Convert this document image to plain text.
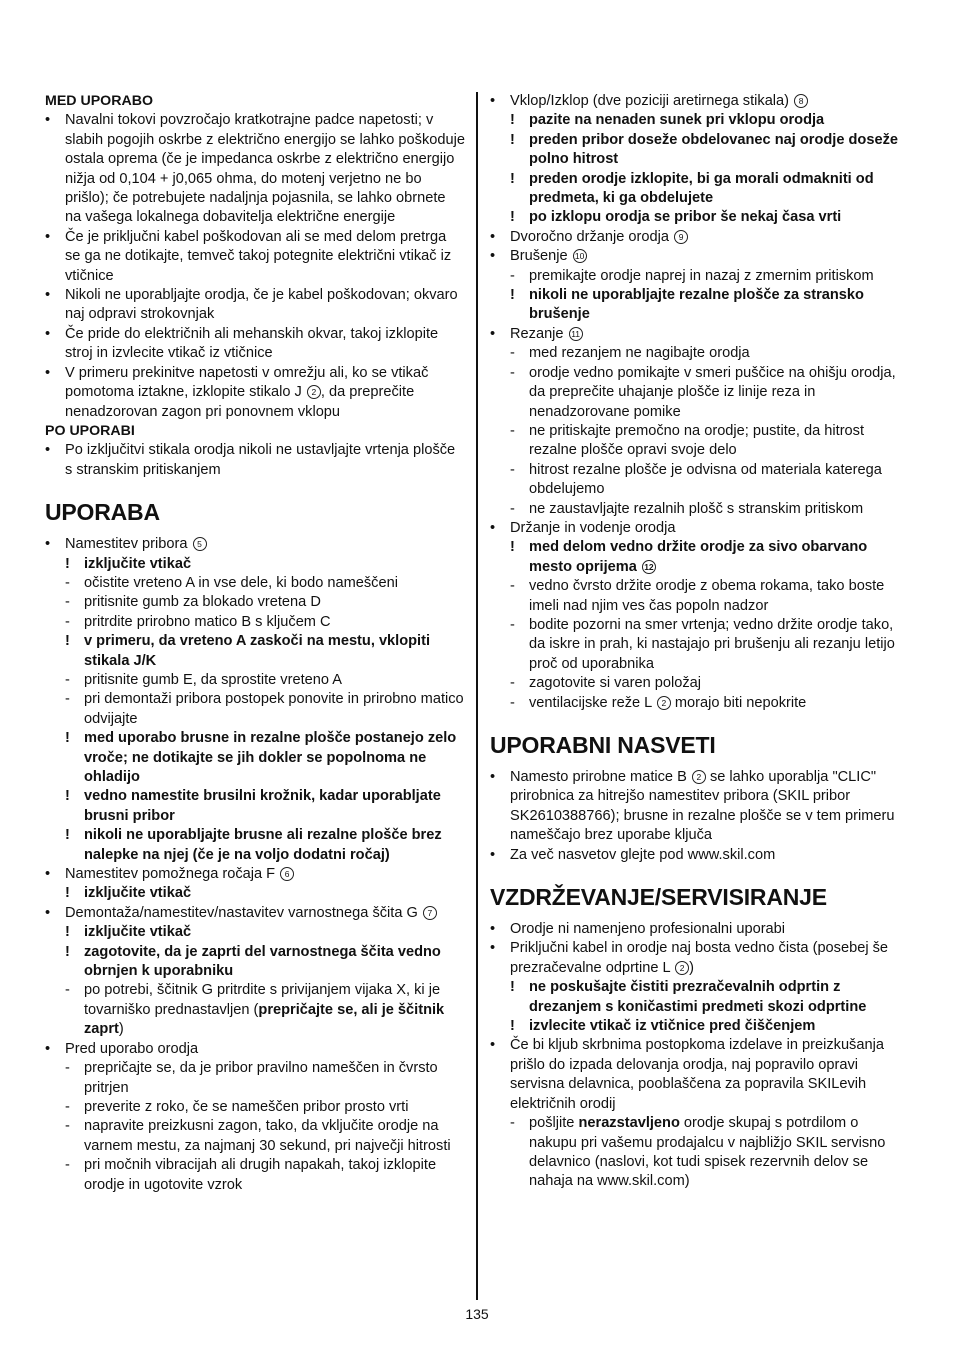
MED UPORABO

• Navalni tokovi povzročajo kratkotrajne padce napetosti; v slabih pogojih oskrbe z električno energijo se lahko poškoduje ostala oprema (če je impedanca oskrbe z električno energijo nižja od 0,104 + j0,065 ohma, do motenj verjetno ne bo prišlo); če potrebujete nadaljnja pojasnila, se lahko obrnete na vašega lokalnega dobavitelja električne energije
• Če je priključni kabel poškodovan ali se med delom pretrga se ga ne dotikajte, temveč takoj potegnite električni vtikač iz vtičnice
• Nikoli ne uporabljajte orodja, če je kabel poškodovan; okvaro naj odpravi strokovnjak
• Če pride do električnih ali mehanskih okvar, takoj izklopite stroj in izvlecite vtikač iz vtičnice
• V primeru prekinitve napetosti v omrežju ali, ko se vtikač pomotoma iztakne, izklopite stikalo J 2 , da preprečite nenadzorovan zagon pri ponovnem vklopu

PO UPORABI

• Po izključitvi stikala orodja nikoli ne ustavljajte vrtenja plošče s stranskim pritiskanjem
UPORABA
• Namestitev pribora 5
! izključite vtikač
- očistite vreteno A in vse dele, ki bodo nameščeni
- pritisnite gumb za blokado vretena D
- pritrdite prirobno matico B s ključem C
! v primeru, da vreteno A zaskoči na mestu, vklopiti stikala J/K
- pritisnite gumb E, da sprostite vreteno A
- pri demontaži pribora postopek ponovite in prirobno matico odvijajte
! med uporabo brusne in rezalne plošče postanejo zelo vroče; ne dotikajte se jih dokler se popolnoma ne ohladijo
! vedno namestite brusilni krožnik, kadar uporabljate brusni pribor
! nikoli ne uporabljajte brusne ali rezalne plošče brez nalepke na njej (če je na voljo dodatni ročaj)
• Namestitev pomožnega ročaja F 6
! izključite vtikač
• Demontaža/namestitev/nastavitev varnostnega ščita G 7
! izključite vtikač
! zagotovite, da je zaprti del varnostnega ščita vedno obrnjen k uporabniku
- po potrebi, ščitnik G pritrdite s privijanjem vijaka X, ki je tovarniško prednastavljen (prepričajte se, ali je ščitnik zaprt)
• Pred uporabo orodja
- prepričajte se, da je pribor pravilno nameščen in čvrsto pritrjen
- preverite z roko, če se nameščen pribor prosto vrti
- napravite preizkusni zagon, tako, da vključite orodje na varnem mestu, za najmanj 30 sekund, pri največji hitrosti
- pri močnih vibracijah ali drugih napakah, takoj izklopite orodje in ugotovite vzrok
• Vklop/Izklop (dve poziciji aretirnega stikala) 8
! pazite na nenaden sunek pri vklopu orodja
! preden pribor doseže obdelovanec naj orodje doseže polno hitrost
! preden orodje izklopite, bi ga morali odmakniti od predmeta, ki ga obdelujete
! po izklopu orodja se pribor še nekaj časa vrti
• Dvoročno držanje orodja 9
• Brušenje 10
- premikajte orodje naprej in nazaj z zmernim pritiskom
! nikoli ne uporabljajte rezalne plošče za stransko brušenje
• Rezanje 11
- med rezanjem ne nagibajte orodja
- orodje vedno pomikajte v smeri puščice na ohišju orodja, da preprečite uhajanje plošče iz linije reza in nenadzorovane pomike
- ne pritiskajte premočno na orodje; pustite, da hitrost rezalne plošče opravi svoje delo
- hitrost rezalne plošče je odvisna od materiala katerega obdelujemo
- ne zaustavljajte rezalnih plošč s stranskim pritiskom
• Držanje in vodenje orodja
! med delom vedno držite orodje za sivo obarvano mesto oprijema 12
- vedno čvrsto držite orodje z obema rokama, tako boste imeli nad njim ves čas popoln nadzor
- bodite pozorni na smer vrtenja; vedno držite orodje tako, da iskre in prah, ki nastajajo pri brušenju ali rezanju letijo proč od uporabnika
- zagotovite si varen položaj
- ventilacijske reže L 2 morajo biti nepokrite
UPORABNI NASVETI
• Namesto prirobne matice B 2 se lahko uporablja "CLIC" prirobnica za hitrejšo namestitev pribora (SKIL pribor SK2610388766); brusne in rezalne plošče se v tem primeru nameščajo brez uporabe ključa
• Za več nasvetov glejte pod www.skil.com
VZDRŽEVANJE/SERVISIRANJE
• Orodje ni namenjeno profesionalni uporabi
• Priključni kabel in orodje naj bosta vedno čista (posebej še prezračevalne odprtine L 2 )
! ne poskušajte čistiti prezračevalnih odprtin z drezanjem s koničastimi predmeti skozi odprtine
! izvlecite vtikač iz vtičnice pred čiščenjem
• Če bi kljub skrbnima postopkoma izdelave in preizkušanja prišlo do izpada delovanja orodja, naj popravilo opravi servisna delavnica, pooblaščena za popravila SKILevih električnih orodij
- pošljite nerazstavljeno orodje skupaj s potrdilom o nakupu pri vašemu prodajalcu v najbližjo SKIL servisno delavnico (naslovi, kot tudi spisek rezervnih delov se nahaja na www.skil.com)
135
